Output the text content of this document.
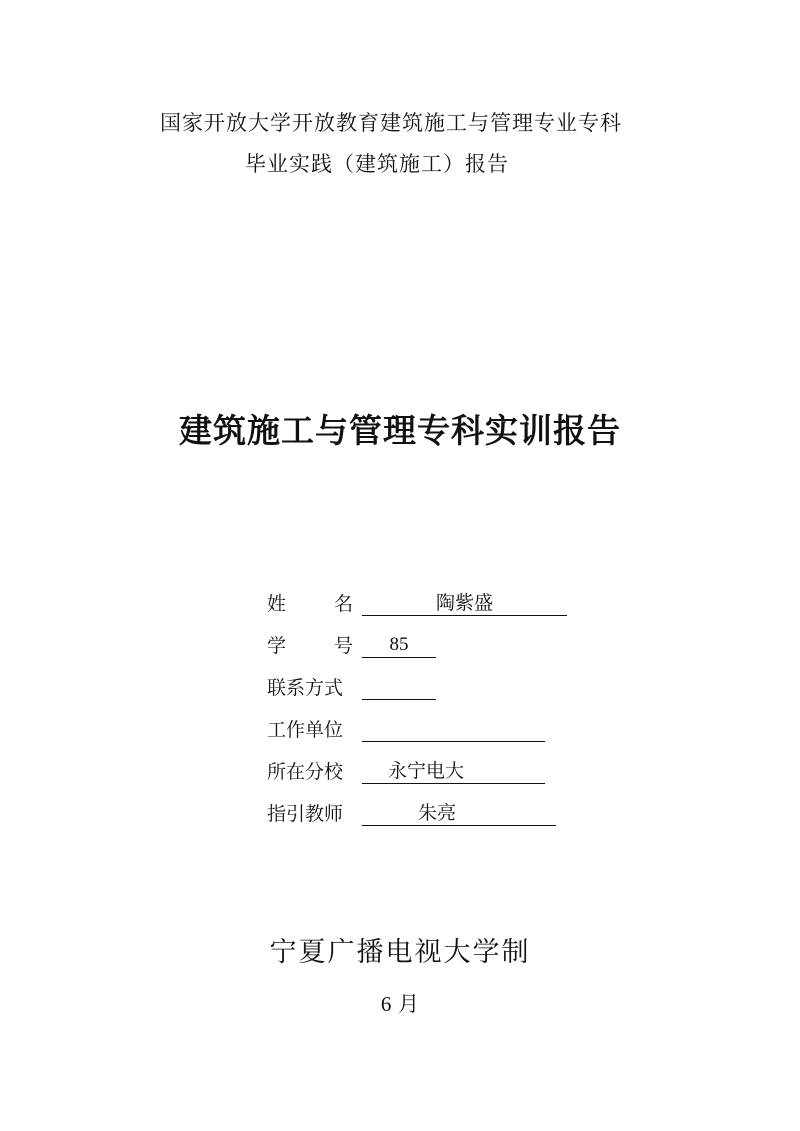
国家开放大学开放教育建筑施工与管理专业专科
毕业实践（建筑施工）报告
建筑施工与管理专科实训报告
姓	名	陶紫盛
学	号	85
联系方式
工作单位
所在分校	永宁电大
指引教师	朱亮
宁夏广播电视大学制
6 月
